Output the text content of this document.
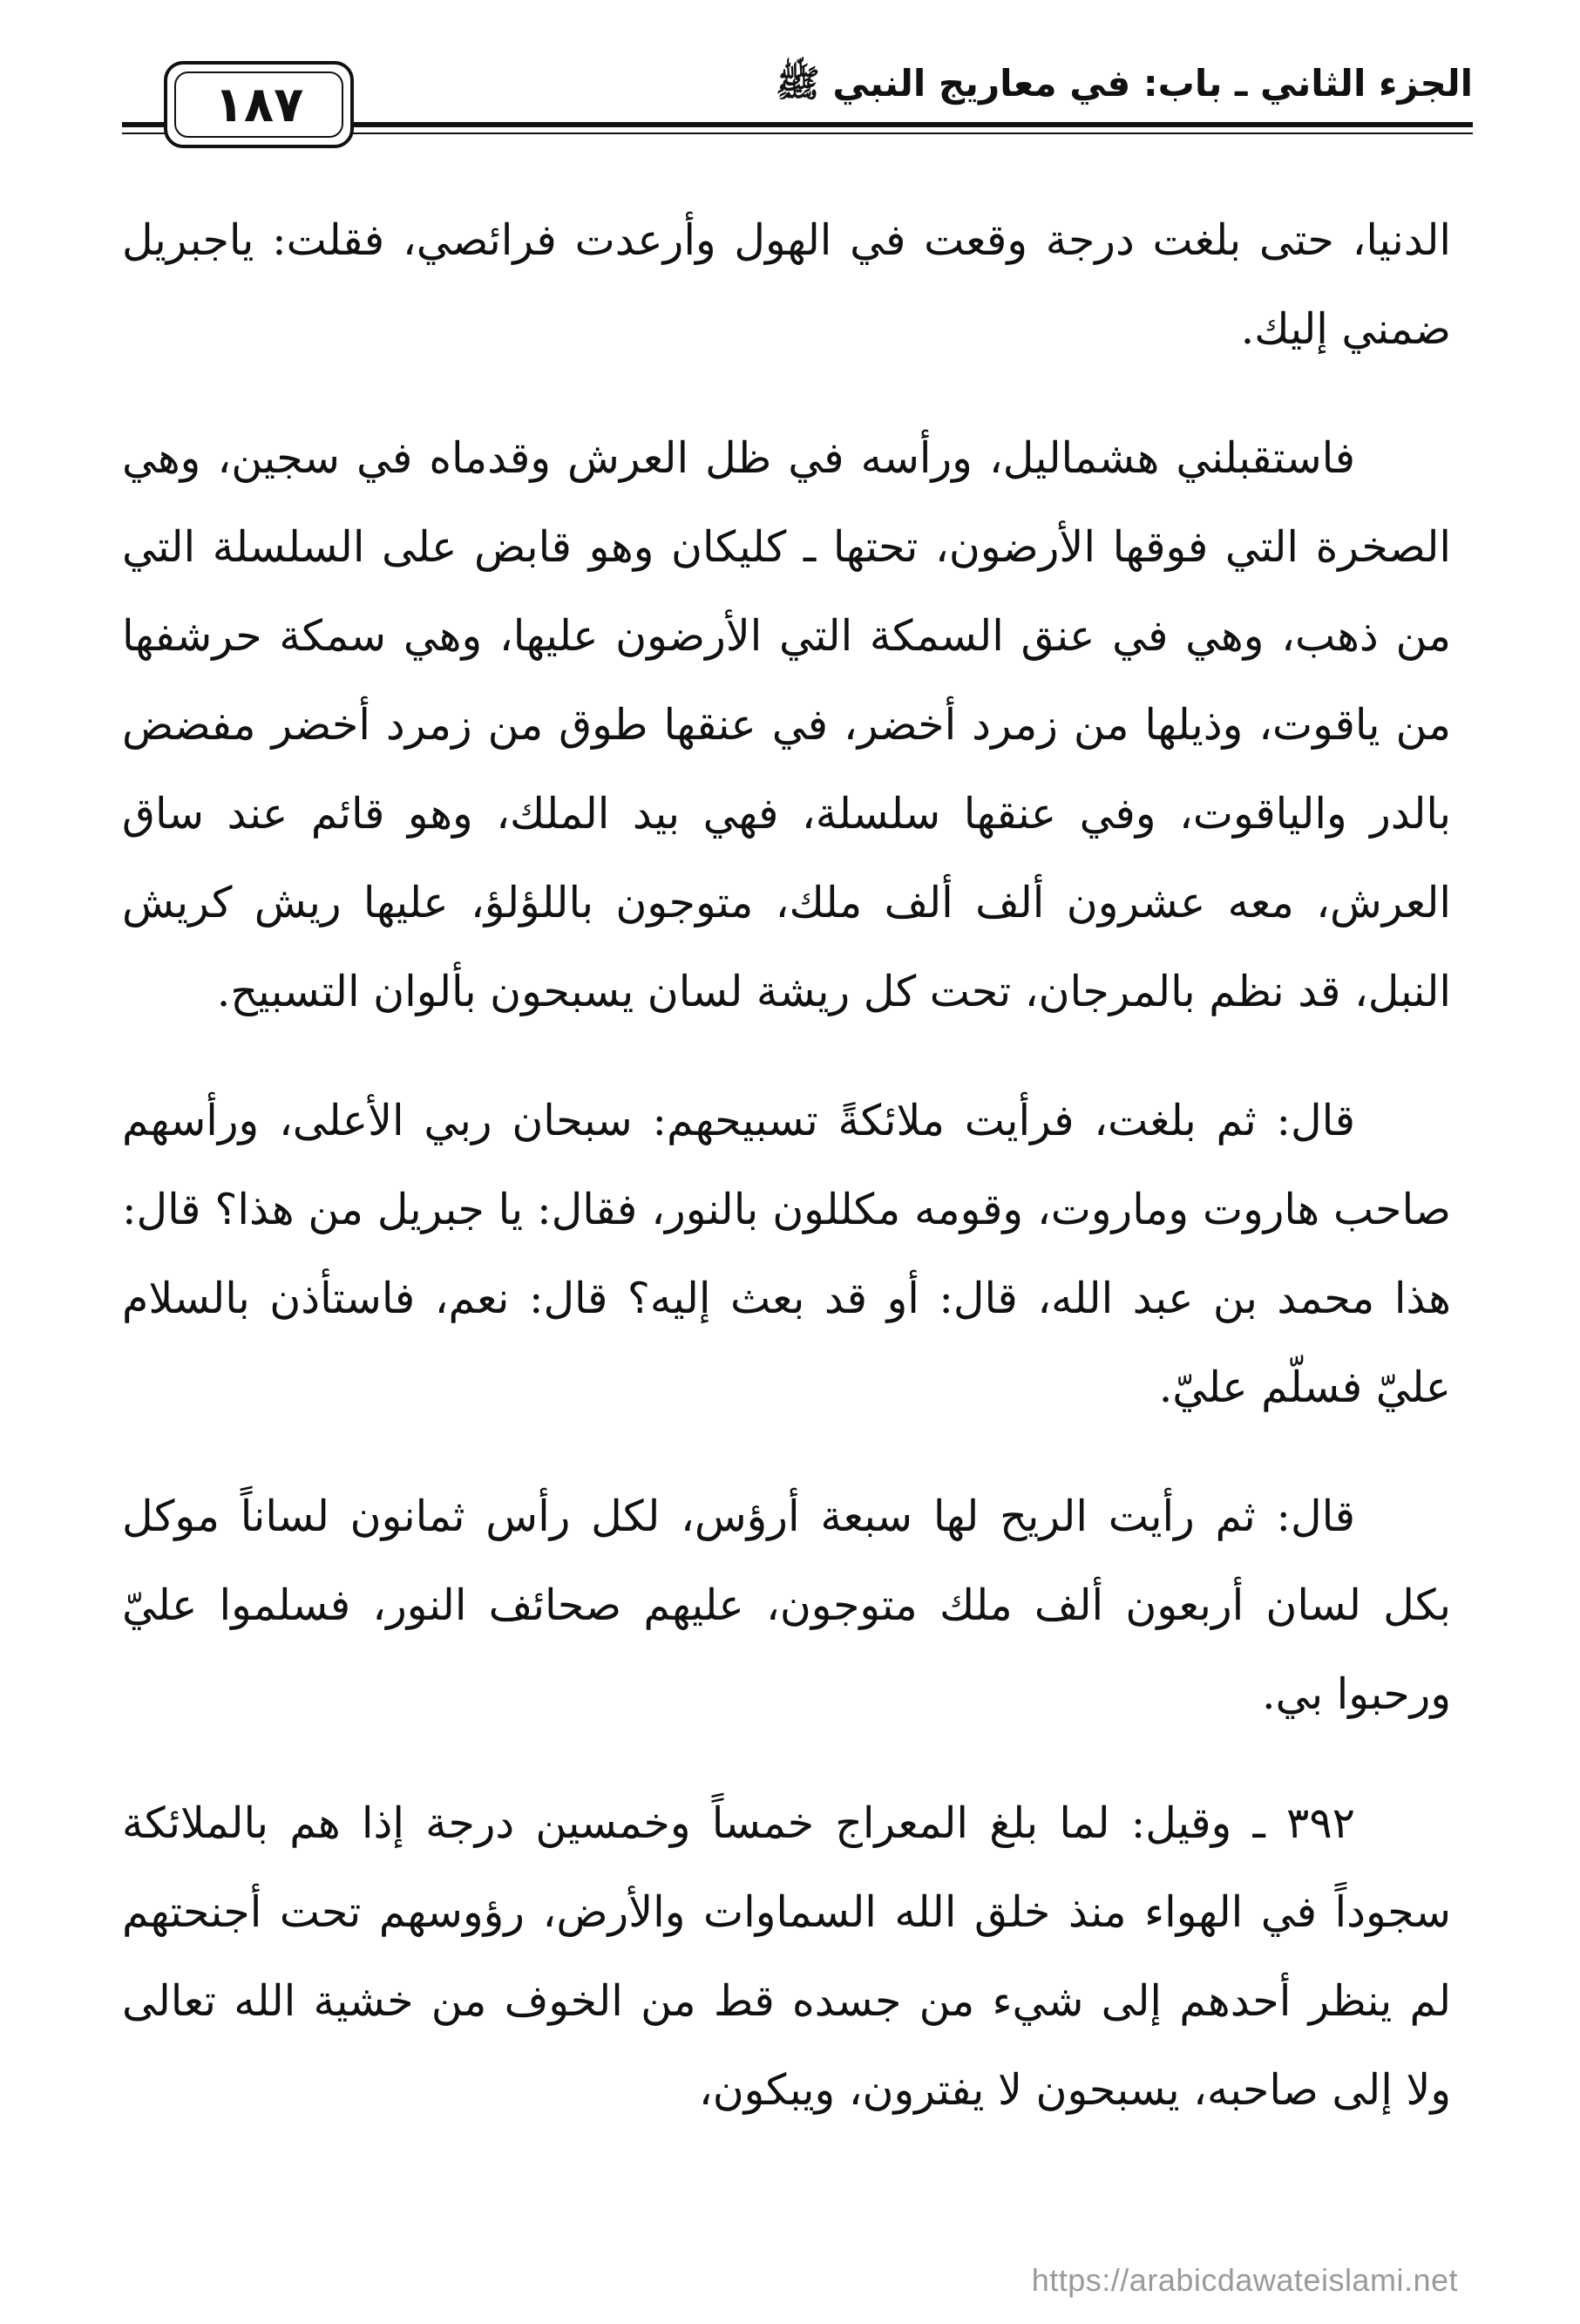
الجزء الثاني ـ باب: في معاريج النبي ﷺ
١٨٧

الدنيا، حتى بلغت درجة وقعت في الهول وأرعدت فرائصي، فقلت: ياجبريل ضمني إليك.

فاستقبلني هشماليل، ورأسه في ظل العرش وقدماه في سجين، وهي الصخرة التي فوقها الأرضون، تحتها ـ كليكان وهو قابض على السلسلة التي من ذهب، وهي في عنق السمكة التي الأرضون عليها، وهي سمكة حرشفها من ياقوت، وذيلها من زمرد أخضر، في عنقها طوق من زمرد أخضر مفضض بالدر والياقوت، وفي عنقها سلسلة، فهي بيد الملك، وهو قائم عند ساق العرش، معه عشرون ألف ألف ملك، متوجون باللؤلؤ، عليها ريش كريش النبل، قد نظم بالمرجان، تحت كل ريشة لسان يسبحون بألوان التسبيح.

قال: ثم بلغت، فرأيت ملائكةً تسبيحهم: سبحان ربي الأعلى، ورأسهم صاحب هاروت وماروت، وقومه مكللون بالنور، فقال: يا جبريل من هذا؟ قال: هذا محمد بن عبد الله، قال: أو قد بعث إليه؟ قال: نعم، فاستأذن بالسلام عليّ فسلّم عليّ.

قال: ثم رأيت الريح لها سبعة أرؤس، لكل رأس ثمانون لساناً موكل بكل لسان أربعون ألف ملك متوجون، عليهم صحائف النور، فسلموا عليّ ورحبوا بي.

٣٩٢ ـ وقيل: لما بلغ المعراج خمساً وخمسين درجة إذا هم بالملائكة سجوداً في الهواء منذ خلق الله السماوات والأرض، رؤوسهم تحت أجنحتهم لم ينظر أحدهم إلى شيء من جسده قط من الخوف من خشية الله تعالى ولا إلى صاحبه، يسبحون لا يفترون، ويبكون،

https://arabicdawateislami.net
